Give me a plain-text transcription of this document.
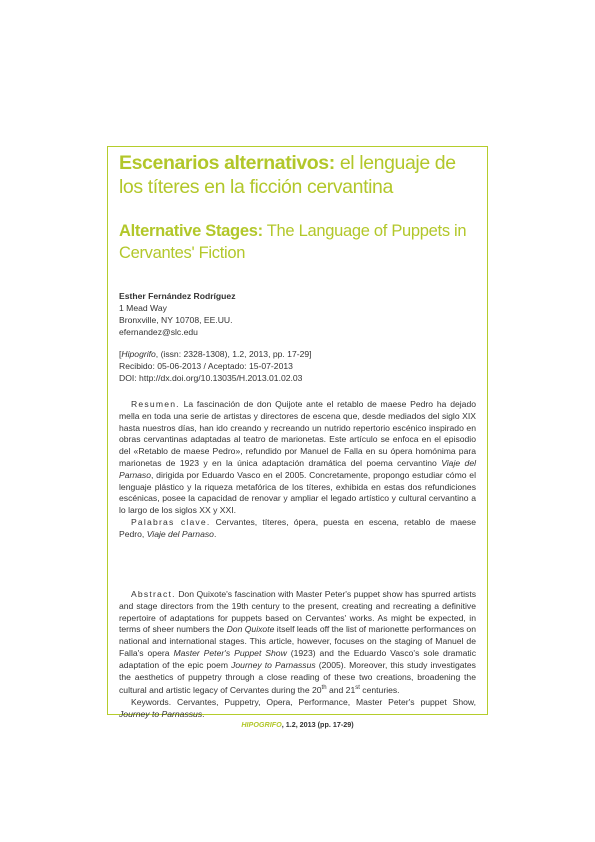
Escenarios alternativos: el lenguaje de los títeres en la ficción cervantina
Alternative Stages: The Language of Puppets in Cervantes' Fiction
Esther Fernández Rodríguez
1 Mead Way
Bronxville, NY 10708, EE.UU.
efernandez@slc.edu
[Hipogrifo, (issn: 2328-1308), 1.2, 2013, pp. 17-29]
Recibido: 05-06-2013 / Aceptado: 15-07-2013
DOI: http://dx.doi.org/10.13035/H.2013.01.02.03

Resumen. La fascinación de don Quijote ante el retablo de maese Pedro ha dejado mella en toda una serie de artistas y directores de escena que, desde mediados del siglo XIX hasta nuestros días, han ido creando y recreando un nutrido repertorio escénico inspirado en obras cervantinas adaptadas al teatro de marionetas. Este artículo se enfoca en el episodio del «Retablo de maese Pedro», refundido por Manuel de Falla en su ópera homónima para marionetas de 1923 y en la única adaptación dramática del poema cervantino Viaje del Parnaso, dirigida por Eduardo Vasco en el 2005. Concretamente, propongo estudiar cómo el lenguaje plástico y la riqueza metafórica de los títeres, exhibida en estas dos refundiciones escénicas, posee la capacidad de renovar y ampliar el legado artístico y cultural cervantino a lo largo de los siglos XX y XXI.

Palabras clave. Cervantes, títeres, ópera, puesta en escena, retablo de maese Pedro, Viaje del Parnaso.

Abstract. Don Quixote's fascination with Master Peter's puppet show has spurred artists and stage directors from the 19th century to the present, creating and recreating a definitive repertoire of adaptations for puppets based on Cervantes' works. As might be expected, in terms of sheer numbers the Don Quixote itself leads off the list of marionette performances on national and international stages. This article, however, focuses on the staging of Manuel de Falla's opera Master Peter's Puppet Show (1923) and the Eduardo Vasco's sole dramatic adaptation of the epic poem Journey to Parnassus (2005). Moreover, this study investigates the aesthetics of puppetry through a close reading of these two creations, broadening the cultural and artistic legacy of Cervantes during the 20th and 21st centuries.

Keywords. Cervantes, Puppetry, Opera, Performance, Master Peter's puppet Show, Journey to Parnassus.

HIPOGRIFO, 1.2, 2013 (pp. 17-29)
